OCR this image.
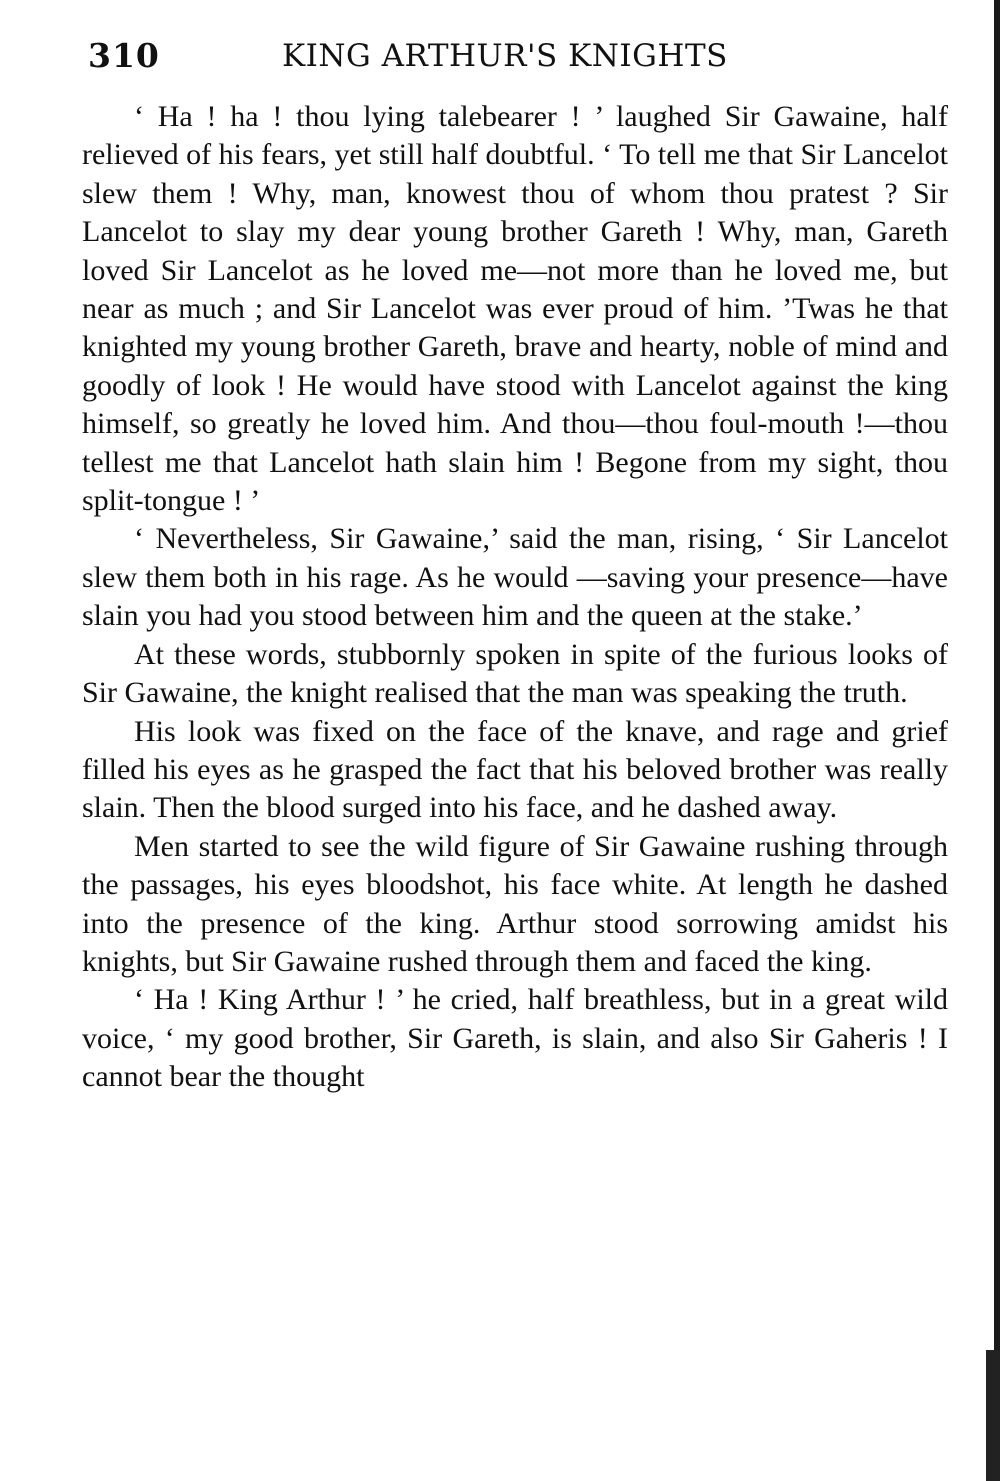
310	KING ARTHUR'S KNIGHTS

‘ Ha ! ha ! thou lying talebearer ! ’ laughed Sir Gawaine, half relieved of his fears, yet still half doubtful. ‘ To tell me that Sir Lancelot slew them ! Why, man, knowest thou of whom thou pratest ? Sir Lancelot to slay my dear young brother Gareth ! Why, man, Gareth loved Sir Lancelot as he loved me—not more than he loved me, but near as much ; and Sir Lancelot was ever proud of him. ’Twas he that knighted my young brother Gareth, brave and hearty, noble of mind and goodly of look ! He would have stood with Lancelot against the king himself, so greatly he loved him. And thou—thou foul-mouth !—thou tellest me that Lancelot hath slain him ! Begone from my sight, thou split-tongue ! ’

‘ Nevertheless, Sir Gawaine,’ said the man, rising, ‘ Sir Lancelot slew them both in his rage. As he would —saving your presence—have slain you had you stood between him and the queen at the stake.’

At these words, stubbornly spoken in spite of the furious looks of Sir Gawaine, the knight realised that the man was speaking the truth.

His look was fixed on the face of the knave, and rage and grief filled his eyes as he grasped the fact that his beloved brother was really slain. Then the blood surged into his face, and he dashed away.

Men started to see the wild figure of Sir Gawaine rushing through the passages, his eyes bloodshot, his face white. At length he dashed into the presence of the king. Arthur stood sorrowing amidst his knights, but Sir Gawaine rushed through them and faced the king.

‘ Ha ! King Arthur ! ’ he cried, half breathless, but in a great wild voice, ‘ my good brother, Sir Gareth, is slain, and also Sir Gaheris ! I cannot bear the thought
